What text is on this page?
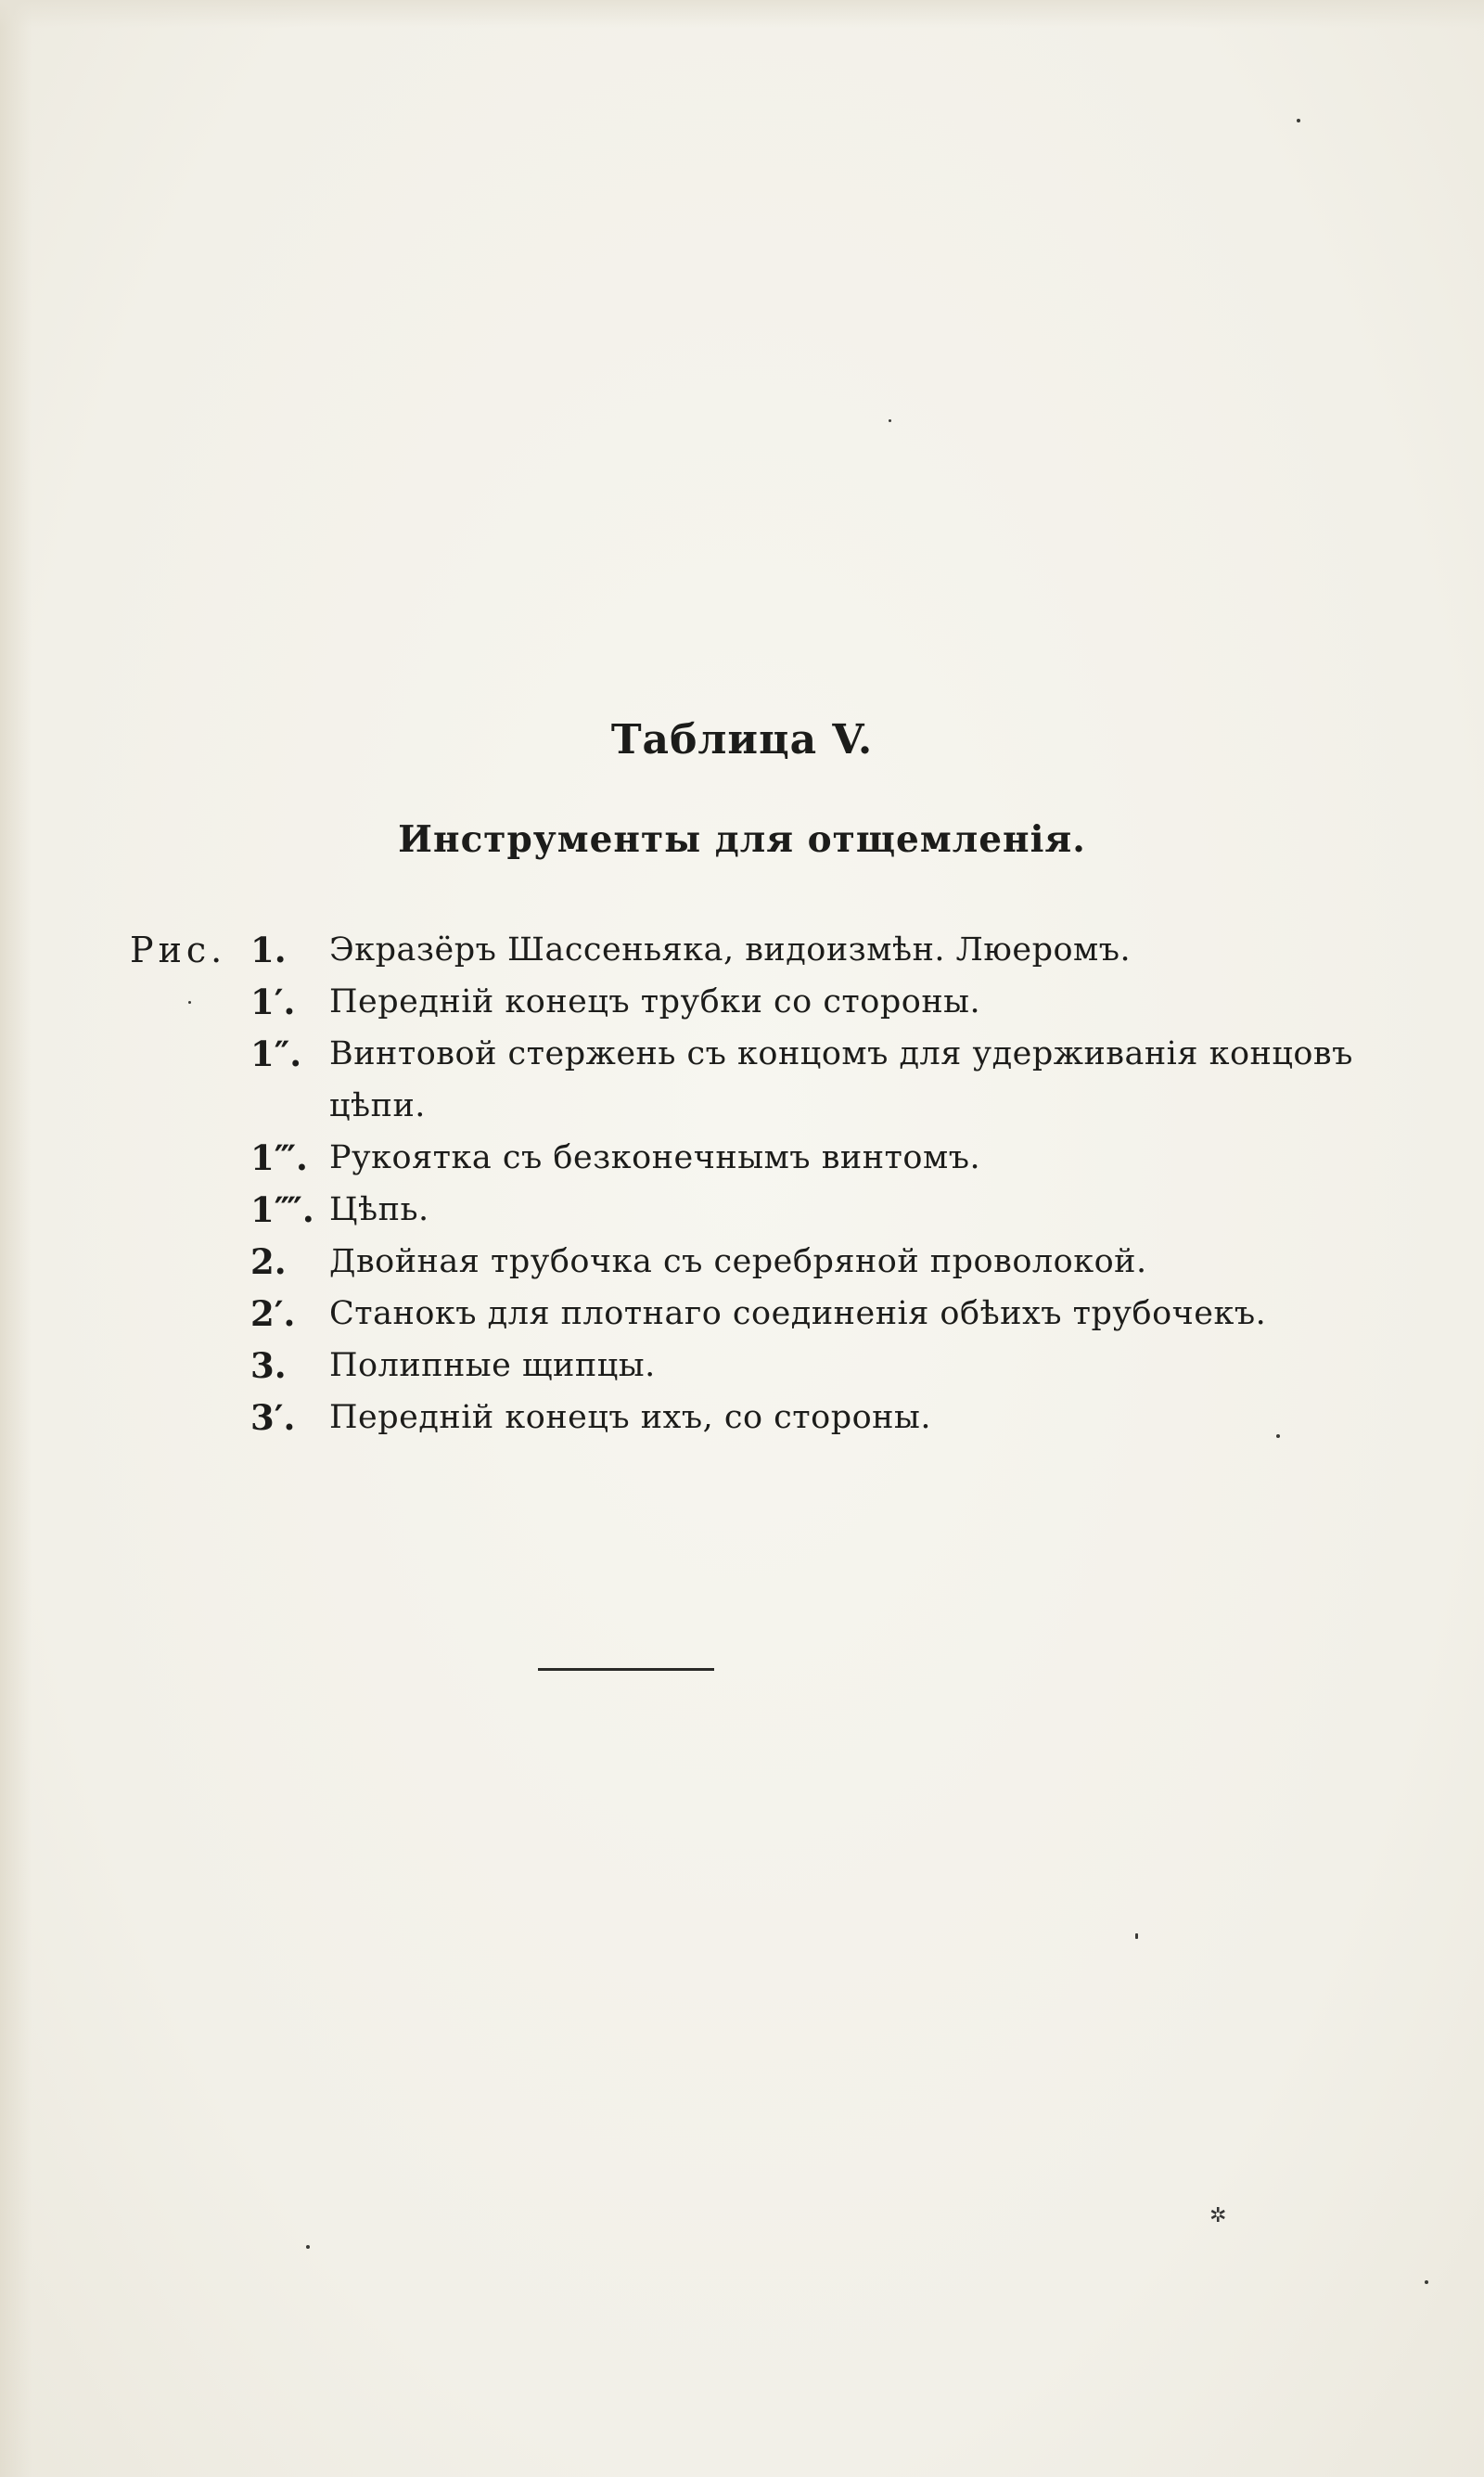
Таблица V.
Инструменты для отщемленія.
Рис. 1.	Экразёръ Шассеньяка, видоизмѣн. Люеромъ.
1′.	Переднiй конецъ трубки со стороны.
1″. Винтовой стержень съ концомъ для удерживанія концовъ цѣпи.
1‴. Рукоятка съ безконечнымъ винтомъ.
1⁗. Цѣпь.
2.	Двойная трубочка съ серебряной проволокой.
2′.	Станокъ для плотнаго соединенія обѣихъ трубочекъ.
3.	Полипные щипцы.
3′.	Переднiй конецъ ихъ, со стороны.
✲
